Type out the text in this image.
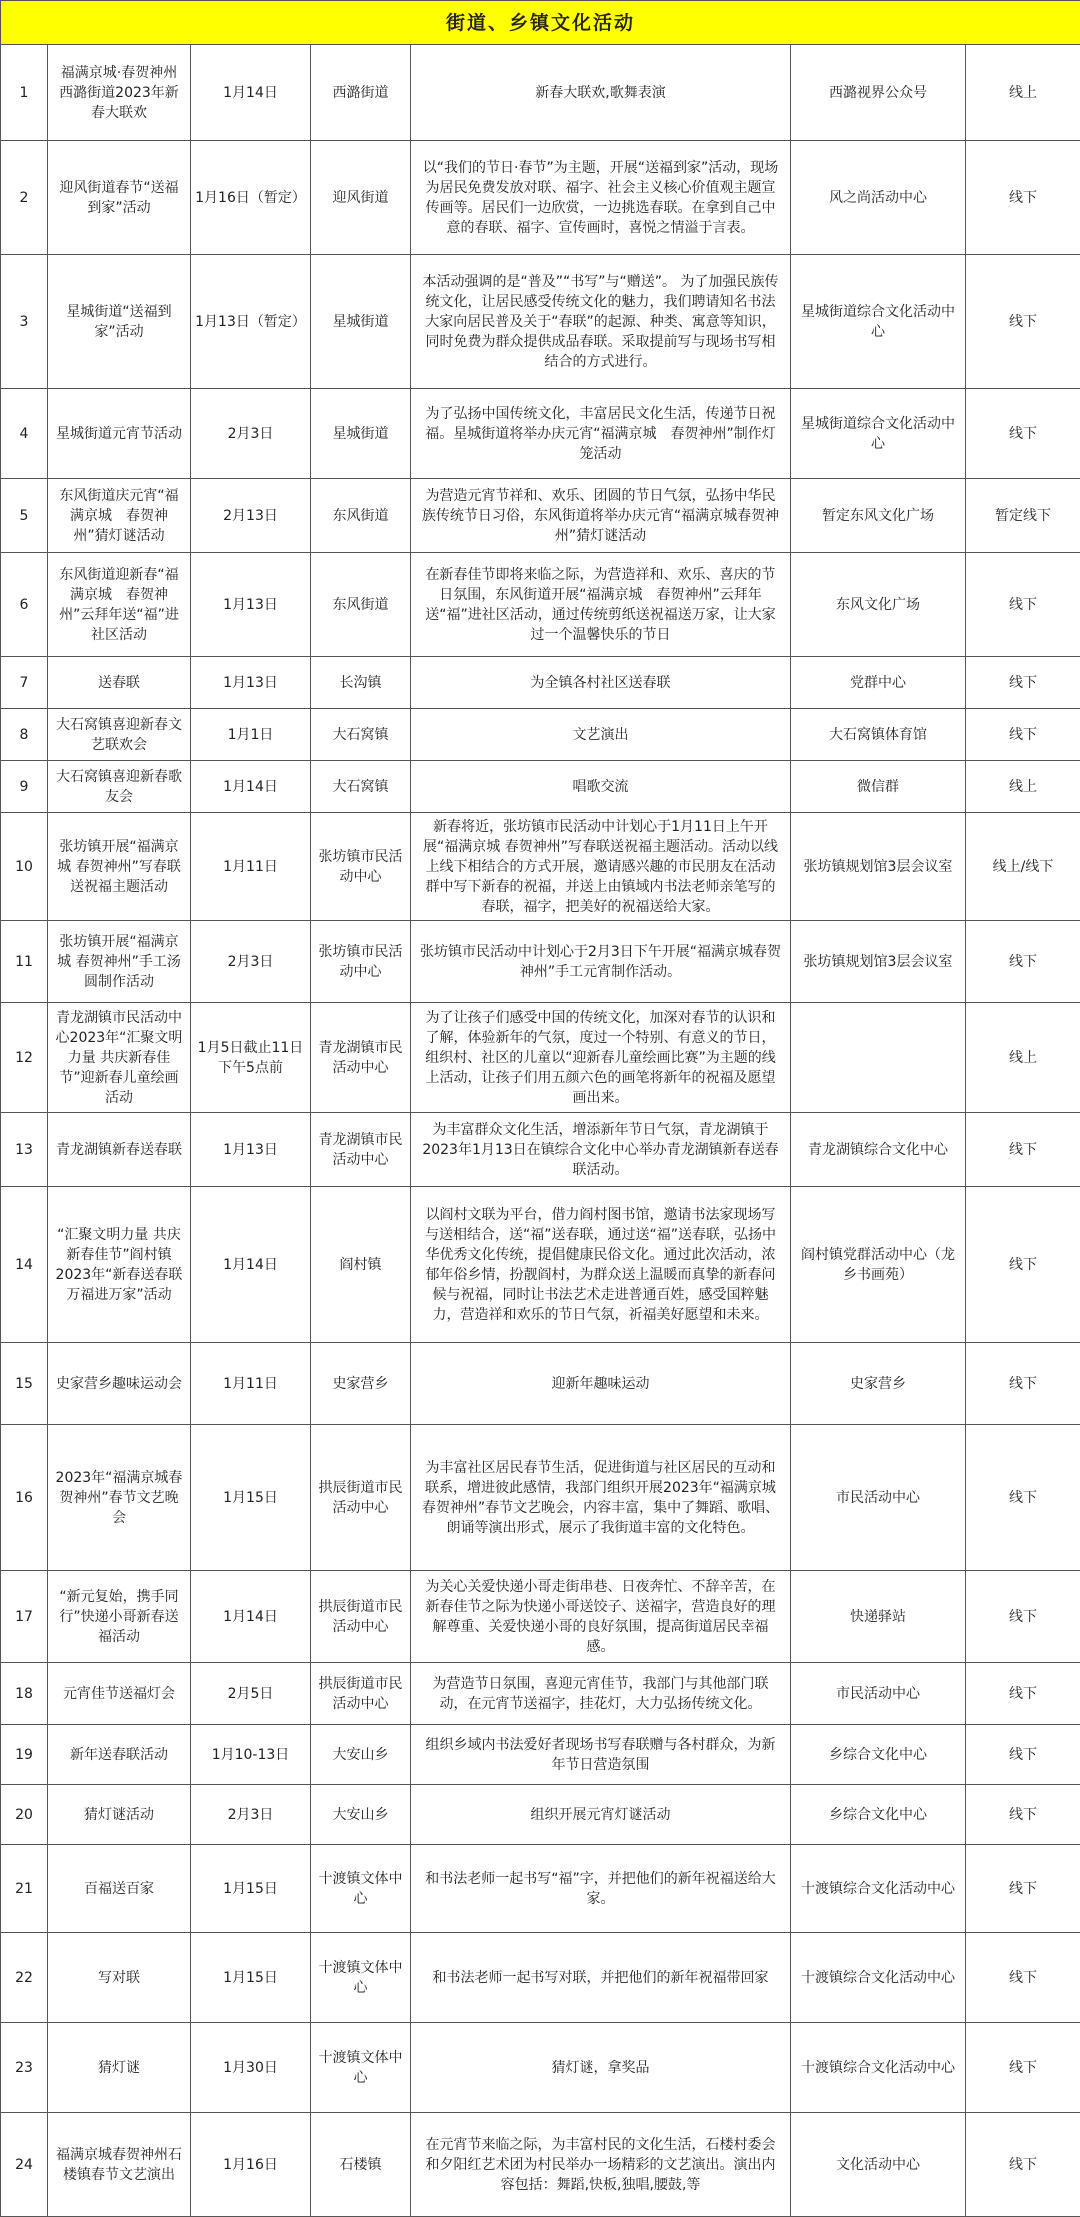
街道、乡镇文化活动						
1	福满京城·春贺神州西潞街道2023年新春大联欢	1月14日	西潞街道	新春大联欢,歌舞表演	西潞视界公众号	线上
2	迎风街道春节“送福到家”活动	1月16日（暂定）	迎风街道	以“我们的节日·春节”为主题，开展“送福到家”活动，现场为居民免费发放对联、福字、社会主义核心价值观主题宣传画等。居民们一边欣赏，一边挑选春联。在拿到自己中意的春联、福字、宣传画时，喜悦之情溢于言表。	风之尚活动中心	线下
3	星城街道“送福到家”活动	1月13日（暂定）	星城街道	本活动强调的是“普及”“书写”与“赠送”。 为了加强民族传统文化，让居民感受传统文化的魅力，我们聘请知名书法大家向居民普及关于“春联”的起源、种类、寓意等知识，同时免费为群众提供成品春联。采取提前写与现场书写相结合的方式进行。	星城街道综合文化活动中心	线下
4	星城街道元宵节活动	2月3日	星城街道	为了弘扬中国传统文化，丰富居民文化生活，传递节日祝福。星城街道将举办庆元宵“福满京城　春贺神州”制作灯笼活动	星城街道综合文化活动中心	线下
5	东风街道庆元宵“福满京城　春贺神州”猜灯谜活动	2月13日	东风街道	为营造元宵节祥和、欢乐、团圆的节日气氛，弘扬中华民族传统节日习俗，东风街道将举办庆元宵“福满京城春贺神州”猜灯谜活动	暂定东风文化广场	暂定线下
6	东风街道迎新春“福满京城　春贺神州”云拜年送“福”进社区活动	1月13日	东风街道	在新春佳节即将来临之际，为营造祥和、欢乐、喜庆的节日氛围，东风街道开展“福满京城　春贺神州”云拜年送“福”进社区活动，通过传统剪纸送祝福送万家，让大家过一个温馨快乐的节日	东风文化广场	线下
7	送春联	1月13日	长沟镇	为全镇各村社区送春联	党群中心	线下
8	大石窝镇喜迎新春文艺联欢会	1月1日	大石窝镇	文艺演出	大石窝镇体育馆	线下
9	大石窝镇喜迎新春歌友会	1月14日	大石窝镇	唱歌交流	微信群	线上
10	张坊镇开展“福满京城 春贺神州”写春联送祝福主题活动	1月11日	张坊镇市民活动中心	新春将近，张坊镇市民活动中计划心于1月11日上午开展“福满京城 春贺神州”写春联送祝福主题活动。活动以线上线下相结合的方式开展，邀请感兴趣的市民朋友在活动群中写下新春的祝福，并送上由镇域内书法老师亲笔写的春联，福字，把美好的祝福送给大家。	张坊镇规划馆3层会议室	线上/线下
11	张坊镇开展“福满京城 春贺神州”手工汤圆制作活动	2月3日	张坊镇市民活动中心	张坊镇市民活动中计划心于2月3日下午开展“福满京城春贺神州”手工元宵制作活动。	张坊镇规划馆3层会议室	线下
12	青龙湖镇市民活动中心2023年“汇聚文明力量 共庆新春佳节”迎新春儿童绘画活动	1月5日截止11日下午5点前	青龙湖镇市民活动中心	为了让孩子们感受中国的传统文化，加深对春节的认识和了解，体验新年的气氛，度过一个特别、有意义的节日，组织村、社区的儿童以“迎新春儿童绘画比赛”为主题的线上活动，让孩子们用五颜六色的画笔将新年的祝福及愿望画出来。		线上
13	青龙湖镇新春送春联	1月13日	青龙湖镇市民活动中心	为丰富群众文化生活，增添新年节日气氛，青龙湖镇于2023年1月13日在镇综合文化中心举办青龙湖镇新春送春联活动。	青龙湖镇综合文化中心	线下
14	“汇聚文明力量 共庆新春佳节”阎村镇2023年“新春送春联万福进万家”活动	1月14日	阎村镇	以阎村文联为平台，借力阎村图书馆，邀请书法家现场写与送相结合，送“福”送春联，通过送“福”送春联，弘扬中华优秀文化传统，提倡健康民俗文化。通过此次活动，浓郁年俗乡情，扮靓阎村，为群众送上温暖而真挚的新春问候与祝福，同时让书法艺术走进普通百姓，感受国粹魅力，营造祥和欢乐的节日气氛，祈福美好愿望和未来。	阎村镇党群活动中心（龙乡书画苑）	线下
15	史家营乡趣味运动会	1月11日	史家营乡	迎新年趣味运动	史家营乡	线下
16	2023年“福满京城春贺神州”春节文艺晚会	1月15日	拱辰街道市民活动中心	为丰富社区居民春节生活，促进街道与社区居民的互动和联系，增进彼此感情，我部门组织开展2023年“福满京城 春贺神州”春节文艺晚会，内容丰富，集中了舞蹈、歌唱、朗诵等演出形式，展示了我街道丰富的文化特色。	市民活动中心	线下
17	“新元复始，携手同行”快递小哥新春送福活动	1月14日	拱辰街道市民活动中心	为关心关爱快递小哥走街串巷、日夜奔忙、不辞辛苦，在新春佳节之际为快递小哥送饺子、送福字，营造良好的理解尊重、关爱快递小哥的良好氛围，提高街道居民幸福感。	快递驿站	线下
18	元宵佳节送福灯会	2月5日	拱辰街道市民活动中心	为营造节日氛围，喜迎元宵佳节，我部门与其他部门联动，在元宵节送福字，挂花灯，大力弘扬传统文化。	市民活动中心	线下
19	新年送春联活动	1月10-13日	大安山乡	组织乡域内书法爱好者现场书写春联赠与各村群众，为新年节日营造氛围	乡综合文化中心	线下
20	猜灯谜活动	2月3日	大安山乡	组织开展元宵灯谜活动	乡综合文化中心	线下
21	百福送百家	1月15日	十渡镇文体中心	和书法老师一起书写“福”字，并把他们的新年祝福送给大家。	十渡镇综合文化活动中心	线下
22	写对联	1月15日	十渡镇文体中心	和书法老师一起书写对联，并把他们的新年祝福带回家	十渡镇综合文化活动中心	线下
23	猜灯谜	1月30日	十渡镇文体中心	猜灯谜，拿奖品	十渡镇综合文化活动中心	线下
24	福满京城春贺神州石楼镇春节文艺演出	1月16日	石楼镇	在元宵节来临之际，为丰富村民的文化生活，石楼村委会和夕阳红艺术团为村民举办一场精彩的文艺演出。演出内容包括：舞蹈,快板,独唱,腰鼓,等	文化活动中心	线下
